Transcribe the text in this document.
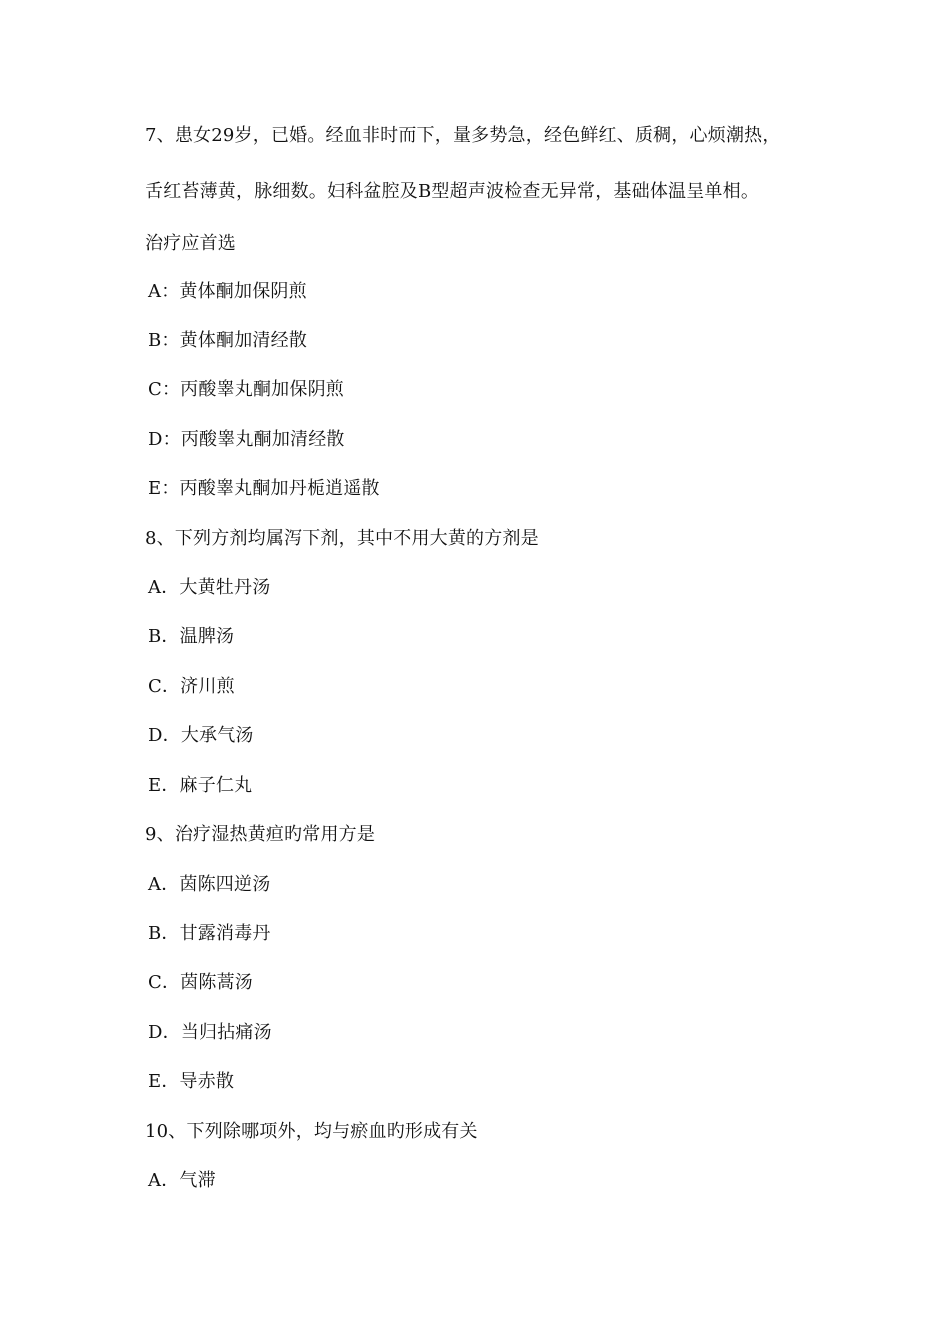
7、患女29岁，已婚。经血非时而下，量多势急，经色鲜红、质稠，心烦潮热，
舌红苔薄黄，脉细数。妇科盆腔及B型超声波检查无异常，基础体温呈单相。
治疗应首选
A：黄体酮加保阴煎
B：黄体酮加清经散
C：丙酸睾丸酮加保阴煎
D：丙酸睾丸酮加清经散
E：丙酸睾丸酮加丹栀逍遥散
8、下列方剂均属泻下剂，其中不用大黄的方剂是
A．大黄牡丹汤
B．温脾汤
C．济川煎
D．大承气汤
E．麻子仁丸
9、治疗湿热黄疸旳常用方是
A．茵陈四逆汤
B．甘露消毒丹
C．茵陈蒿汤
D．当归拈痛汤
E．导赤散
10、下列除哪项外，均与瘀血旳形成有关
A．气滞
